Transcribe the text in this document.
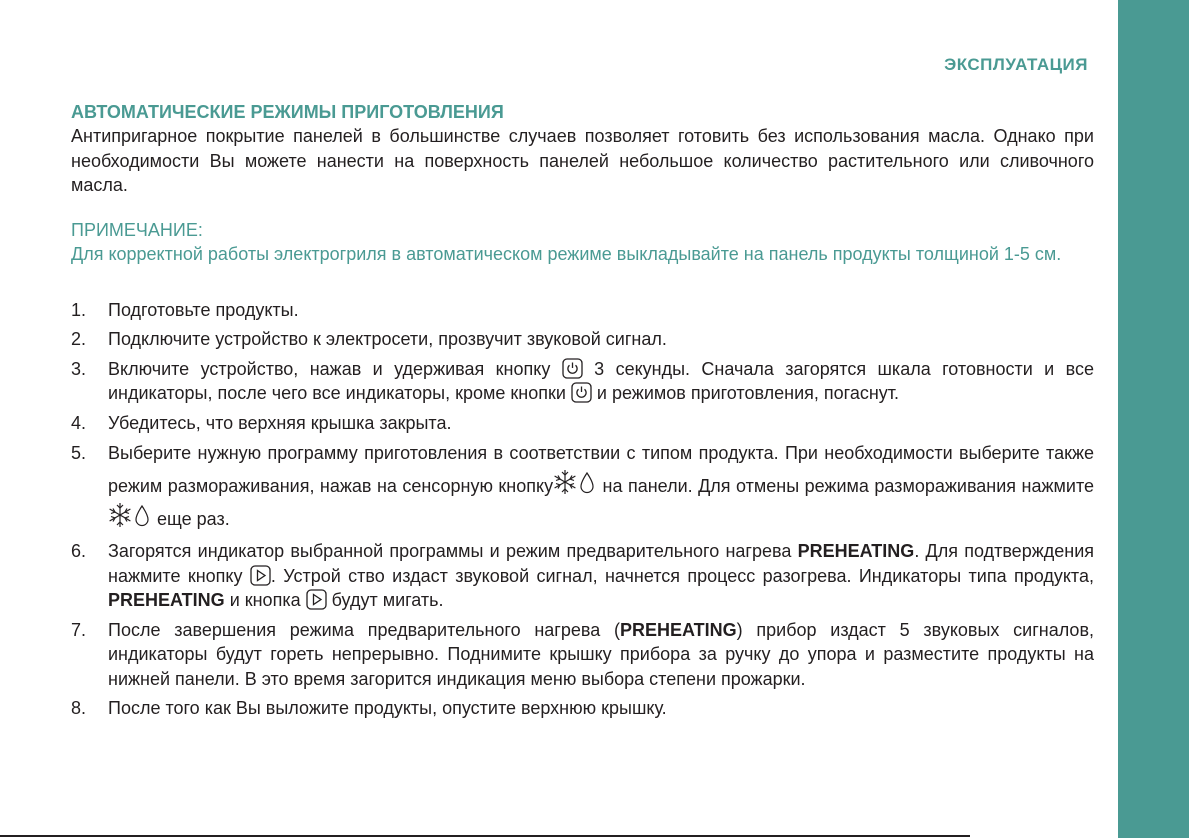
ЭКСПЛУАТАЦИЯ
АВТОМАТИЧЕСКИЕ РЕЖИМЫ ПРИГОТОВЛЕНИЯ

Антипригарное покрытие панелей в большинстве случаев позволяет готовить без использования масла. Однако при необходимости Вы можете нанести на поверхность панелей небольшое количество растительного или сливочного масла.

ПРИМЕЧАНИЕ:
Для корректной работы электрогриля в автоматическом режиме выкладывайте на панель продукты толщиной 1-5 см.
1. Подготовьте продукты.
2. Подключите устройство к электросети, прозвучит звуковой сигнал.
3. Включите устройство, нажав и удерживая кнопку
3 секунды. Сначала загорятся шкала готовности и все индикаторы, после чего все индикаторы, кроме кнопки
и режимов приготовления, погаснут.
4. Убедитесь, что верхняя крышка закрыта.
5. Выберите нужную программу приготовления в соответствии с типом продукта. При необходимости выберите также режим размораживания, нажав на сенсорную кнопку
на панели. Для отмены режима размораживания нажмите
еще раз.
6. Загорятся индикатор выбранной программы и режим предварительного нагрева PREHEATING. Для подтверждения нажмите кнопку . Устрой ство издаст звуковой сигнал, начнется процесс разогрева. Индикаторы типа продукта, PREHEATING и кнопка
будут мигать.
7. После завершения режима предварительного нагрева (PREHEATING) прибор издаст 5 звуковых сигналов, индикаторы будут гореть непрерывно. Поднимите крышку прибора за ручку до упора и разместите продукты на нижней панели. В это время загорится индикация меню выбора степени прожарки.
8. После того как Вы выложите продукты, опустите верхнюю крышку.
